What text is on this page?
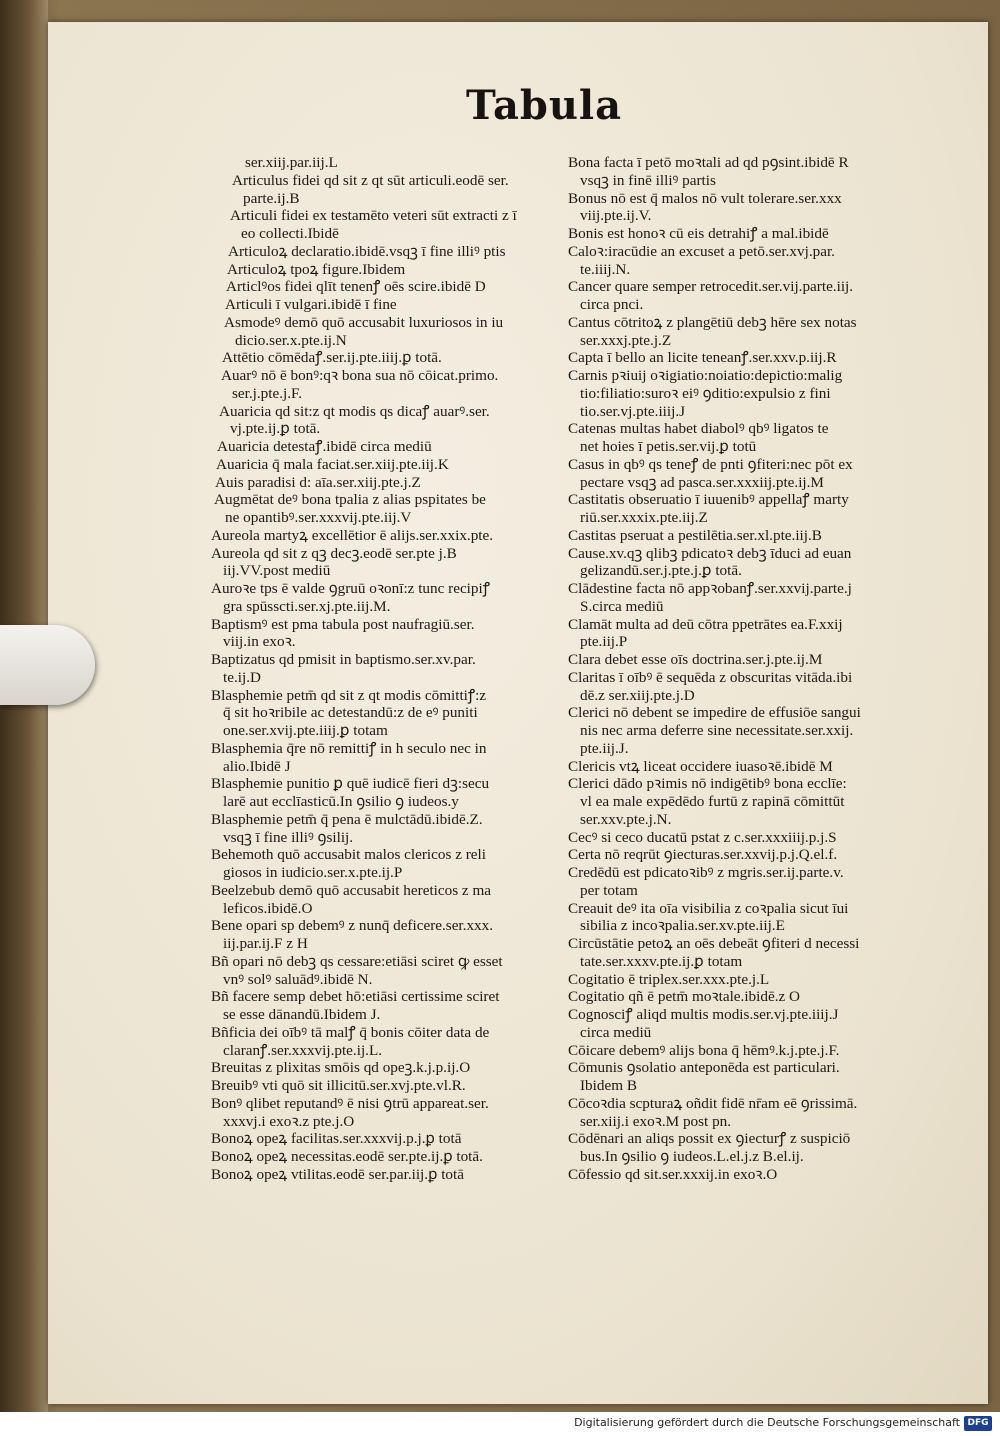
Tabula
ser.xiij.par.iij.L
Articulus fidei qd sit z qt sūt articuli.eodē ser.
parte.ij.B
Articuli fidei ex testamēto veteri sūt extracti z ī
eo collecti.Ibidē
Articuloꝝ declaratio.ibidē.vsqꝫ ī fine illiꝰ ptis
Articuloꝝ tpoꝝ figure.Ibidem
Articlꝰos fidei qlīt tenenꝭ oēs scire.ibidē D
Articuli ī vulgari.ibidē ī fine
Asmodeꝰ demō quō accusabit luxuriosos in iu
dicio.ser.x.pte.ij.N
Attētio cōmēdaꝭ.ser.ij.pte.iiij.ꝑ totā.
Auarꝰ nō ē bonꝰ:qꝛ bona sua nō cōicat.primo.
ser.j.pte.j.F.
Auaricia qd sit:z qt modis qs dicaꝭ auarꝰ.ser.
vj.pte.ij.ꝑ totā.
Auaricia detestaꝭ.ibidē circa mediū
Auaricia q̄ mala faciat.ser.xiij.pte.iij.K
Auis paradisi d: aīa.ser.xiij.pte.j.Z
Augmētat deꝰ bona tpalia z alias pspitates be
ne opantibꝰ.ser.xxxvij.pte.iij.V
Aureola martyꝝ excellētior ē alijs.ser.xxix.pte.
Aureola qd sit z qꝫ decꝫ.eodē ser.pte j.B
iij.VV.post mediū
Auroꝛe tps ē valde ꝯgruū oꝛonī:z tunc recipiꝭ
gra spūsscti.ser.xj.pte.iij.M.
Baptismꝰ est pma tabula post naufragiū.ser.
viij.in exoꝛ.
Baptizatus qd pmisit in baptismo.ser.xv.par.
te.ij.D
Blasphemie petm̄ qd sit z qt modis cōmittiꝭ:z
q̄ sit hoꝛribile ac detestandū:z de eꝰ puniti
one.ser.xvij.pte.iiij.ꝑ totam
Blasphemia q̄re nō remittiꝭ in h seculo nec in
alio.Ibidē J
Blasphemie punitio ꝑ quē iudicē fieri dꝫ:secu
larē aut ecclīasticū.In ꝯsilio ꝯ iudeos.y
Blasphemie petm̄ q̄ pena ē mulctādū.ibidē.Z.
vsqꝫ ī fine illiꝰ ꝯsilij.
Behemoth quō accusabit malos clericos z reli
giosos in iudicio.ser.x.pte.ij.P
Beelzebub demō quō accusabit hereticos z ma
leficos.ibidē.O
Bene opari sp debemꝰ z nunq̄ deficere.ser.xxx.
iij.par.ij.F z H
Bñ opari nō debꝫ qs cessare:etiāsi sciret ꝙ esset
vnꝰ solꝰ saluādꝰ.ibidē N.
Bñ facere semp debet hō:etiāsi certissime sciret
se esse dānandū.Ibidem J.
Bñficia dei oībꝰ tā malꝭ q̄ bonis cōiter data de
claranꝭ.ser.xxxvij.pte.ij.L.
Breuitas z plixitas smōis qd opeꝫ.k.j.p.ij.O
Breuibꝰ vti quō sit illicitū.ser.xvj.pte.vl.R.
Bonꝰ qlibet reputandꝰ ē nisi ꝯtrū appareat.ser.
xxxvj.i exoꝛ.z pte.j.O
Bonoꝝ opeꝝ facilitas.ser.xxxvij.p.j.ꝑ totā
Bonoꝝ opeꝝ necessitas.eodē ser.pte.ij.ꝑ totā.
Bonoꝝ opeꝝ vtilitas.eodē ser.par.iij.ꝑ totā
Bona facta ī petō moꝛtali ad qd pꝯsint.ibidē R
vsqꝫ in finē illiꝰ partis
Bonus nō est q̄ malos nō vult tolerare.ser.xxx
viij.pte.ij.V.
Bonis est honoꝛ cū eis detrahiꝭ a mal.ibidē
Caloꝛ:iracūdie an excuset a petō.ser.xvj.par.
te.iiij.N.
Cancer quare semper retrocedit.ser.vij.parte.iij.
circa pnci.
Cantus cōtritoꝝ z plangētiū debꝫ hēre sex notas
ser.xxxj.pte.j.Z
Capta ī bello an licite teneanꝭ.ser.xxv.p.iij.R
Carnis pꝛiuij oꝛigiatio:noiatio:depictio:malig
tio:filiatio:suroꝛ eiꝰ ꝯditio:expulsio z fini
tio.ser.vj.pte.iiij.J
Catenas multas habet diabolꝰ qbꝰ ligatos te
net hoies ī petis.ser.vij.ꝑ totū
Casus in qbꝰ qs teneꝭ de pnti ꝯfiteri:nec pōt ex
pectare vsqꝫ ad pasca.ser.xxxiij.pte.ij.M
Castitatis obseruatio ī iuuenibꝰ appellaꝭ marty
riū.ser.xxxix.pte.iij.Z
Castitas pseruat a pestilētia.ser.xl.pte.iij.B
Cause.xv.qꝫ qlibꝫ pdicatoꝛ debꝫ īduci ad euan
gelizandū.ser.j.pte.j.ꝑ totā.
Clādestine facta nō appꝛobanꝭ.ser.xxvij.parte.j
S.circa mediū
Clamāt multa ad deū cōtra ppetrātes ea.F.xxij
pte.iij.P
Clara debet esse oīs doctrina.ser.j.pte.ij.M
Claritas ī oībꝰ ē sequēda z obscuritas vitāda.ibi
dē.z ser.xiij.pte.j.D
Clerici nō debent se impedire de effusiōe sangui
nis nec arma deferre sine necessitate.ser.xxij.
pte.iij.J.
Clericis vtꝝ liceat occidere iuasoꝛē.ibidē M
Clerici dādo pꝛimis nō indigētibꝰ bona ecclīe:
vl ea male expēdēdo furtū z rapinā cōmittūt
ser.xxv.pte.j.N.
Cecꝰ si ceco ducatū pstat z c.ser.xxxiiij.p.j.S
Certa nō reqrūt ꝯiecturas.ser.xxvij.p.j.Q.el.f.
Credēdū est pdicatoꝛibꝰ z mgris.ser.ij.parte.v.
per totam
Creauit deꝰ ita oīa visibilia z coꝛpalia sicut īui
sibilia z incoꝛpalia.ser.xv.pte.iij.E
Circūstātie petoꝝ an oēs debeāt ꝯfiteri d necessi
tate.ser.xxxv.pte.ij.ꝑ totam
Cogitatio ē triplex.ser.xxx.pte.j.L
Cogitatio qñ ē petm̄ moꝛtale.ibidē.z O
Cognosciꝭ aliqd multis modis.ser.vj.pte.iiij.J
circa mediū
Cōicare debemꝰ alijs bona q̄ hēmꝰ.k.j.pte.j.F.
Cōmunis ꝯsolatio anteponēda est particulari.
Ibidem B
Cōcoꝛdia scpturaꝝ oñdit fidē nr̄am eē ꝯrissimā.
ser.xiij.i exoꝛ.M post pn.
Cōdēnari an aliqs possit ex ꝯiecturꝭ z suspiciō
bus.In ꝯsilio ꝯ iudeos.L.el.j.z B.el.ij.
Cōfessio qd sit.ser.xxxij.in exoꝛ.O
Digitalisierung gefördert durch die Deutsche Forschungsgemeinschaft DFG
